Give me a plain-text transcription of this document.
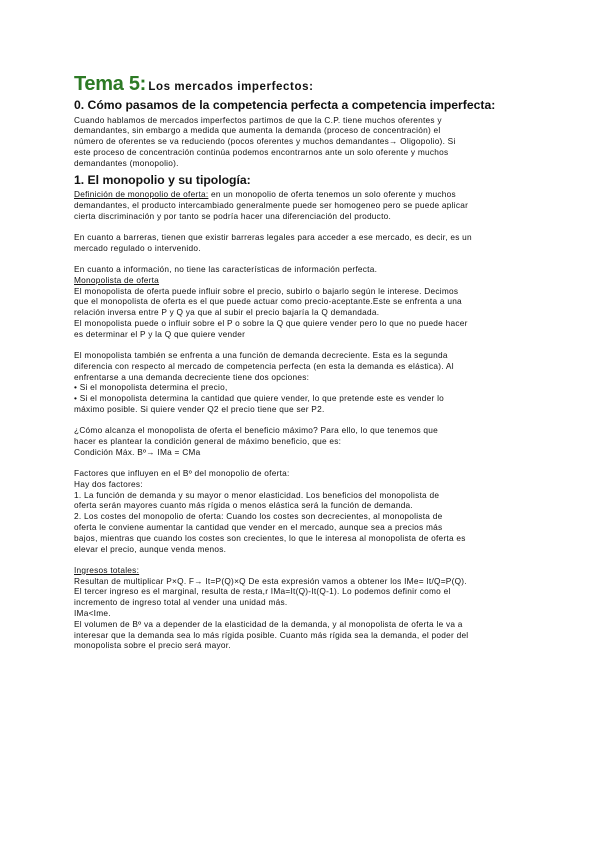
Tema 5: Los mercados imperfectos:
0. Cómo pasamos de la competencia perfecta a competencia imperfecta:

Cuando hablamos de mercados imperfectos partimos de que la C.P. tiene muchos oferentes y

demandantes, sin embargo a medida que aumenta la demanda (proceso de concentración) el

número de oferentes se va reduciendo (pocos oferentes y muchos demandantes→ Oligopolio). Si

este proceso de concentración continúa podemos encontrarnos ante un solo oferente y muchos

demandantes (monopolio).

1. El monopolio y su tipología:

Definición de monopolio de oferta: en un monopolio de oferta tenemos un solo oferente y muchos

demandantes, el producto intercambiado generalmente puede ser homogeneo pero se puede aplicar

cierta discriminación y por tanto se podría hacer una diferenciación del producto.

En cuanto a barreras, tienen que existir barreras legales para acceder a ese mercado, es decir, es un

mercado regulado o intervenido.

En cuanto a información, no tiene las características de información perfecta.

Monopolista de oferta

El monopolista de oferta puede influir sobre el precio, subirlo o bajarlo según le interese. Decimos

que el monopolista de oferta es el que puede actuar como precio-aceptante.Este se enfrenta a una

relación inversa entre P y Q ya que al subir el precio bajaría la Q demandada.

El monopolista puede o influir sobre el P o sobre la Q que quiere vender pero lo que no puede hacer

es determinar el P y la Q que quiere vender

El monopolista también se enfrenta a una función de demanda decreciente. Esta es la segunda

diferencia con respecto al mercado de competencia perfecta (en esta la demanda es elástica). Al

enfrentarse a una demanda decreciente tiene dos opciones:

• Si el monopolista determina el precio,

• Si el monopolista determina la cantidad que quiere vender, lo que pretende este es vender lo

máximo posible. Si quiere vender Q2 el precio tiene que ser P2.

¿Cómo alcanza el monopolista de oferta el beneficio máximo? Para ello, lo que tenemos que

hacer es plantear la condición general de máximo beneficio, que es:

Condición Máx. Bº→ IMa = CMa

Factores que influyen en el Bº del monopolio de oferta:

Hay dos factores:

1. La función de demanda y su mayor o menor elasticidad. Los beneficios del monopolista de

oferta serán mayores cuanto más rígida o menos elástica será la función de demanda.

2. Los costes del monopolio de oferta: Cuando los costes son decrecientes, al monopolista de

oferta le conviene aumentar la cantidad que vender en el mercado, aunque sea a precios más

bajos, mientras que cuando los costes son crecientes, lo que le interesa al monopolista de oferta es

elevar el precio, aunque venda menos.

Ingresos totales:

Resultan de multiplicar P×Q. F→ It=P(Q)×Q De esta expresión vamos a obtener los IMe= It/Q=P(Q).

El tercer ingreso es el marginal, resulta de resta,r IMa=It(Q)-It(Q-1). Lo podemos definir como el

incremento de ingreso total al vender una unidad más.

IMa<Ime.

El volumen de Bº va a depender de la elasticidad de la demanda, y al monopolista de oferta le va a

interesar que la demanda sea lo más rígida posible. Cuanto más rígida sea la demanda, el poder del

monopolista sobre el precio será mayor.
